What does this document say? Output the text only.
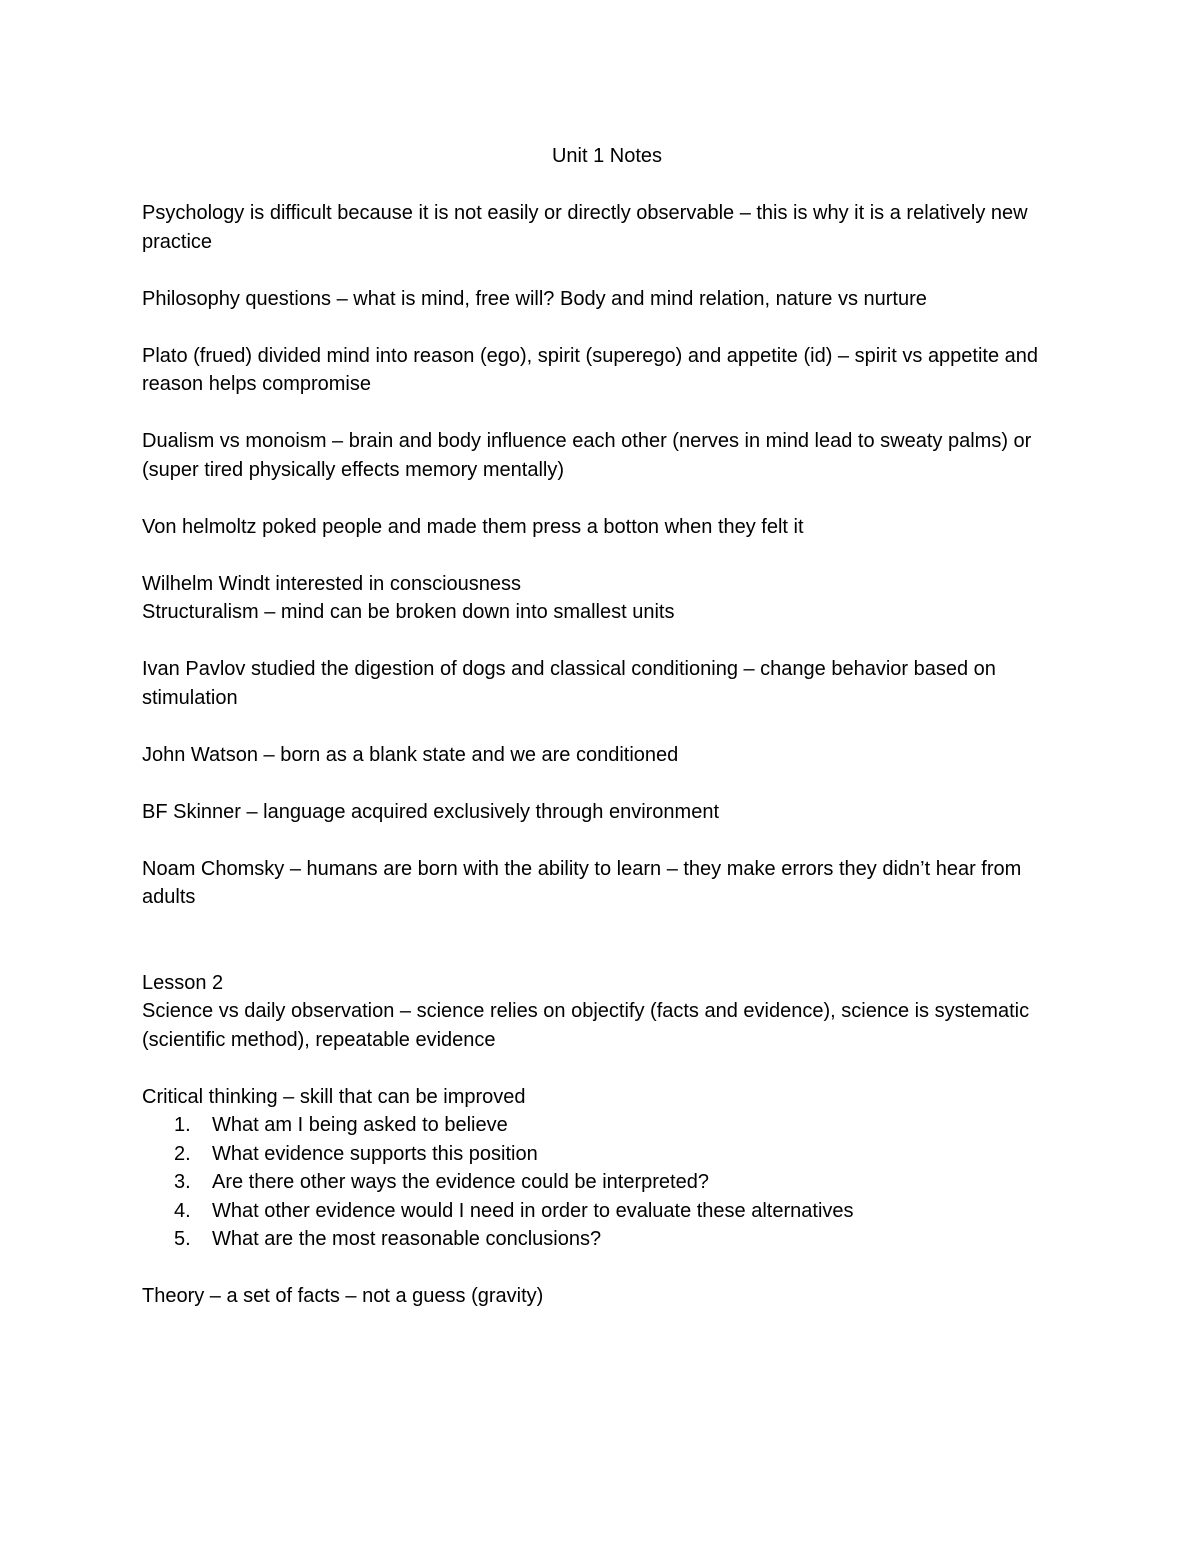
Unit 1 Notes

Psychology is difficult because it is not easily or directly observable – this is why it is a relatively new practice

Philosophy questions – what is mind, free will? Body and mind relation, nature vs nurture

Plato (frued) divided mind into reason (ego), spirit (superego) and appetite (id) – spirit vs appetite and reason helps compromise

Dualism vs monoism – brain and body influence each other (nerves in mind lead to sweaty palms) or (super tired physically effects memory mentally)

Von helmoltz poked people and made them press a botton when they felt it

Wilhelm Windt interested in consciousness
Structuralism – mind can be broken down into smallest units

Ivan Pavlov studied the digestion of dogs and classical conditioning – change behavior based on stimulation

John Watson – born as a blank state and we are conditioned

BF Skinner – language acquired exclusively through environment

Noam Chomsky – humans are born with the ability to learn – they make errors they didn’t hear from adults

Lesson 2
Science vs daily observation – science relies on objectify (facts and evidence), science is systematic (scientific method), repeatable evidence
Critical thinking – skill that can be improved
1. What am I being asked to believe
2. What evidence supports this position
3. Are there other ways the evidence could be interpreted?
4. What other evidence would I need in order to evaluate these alternatives
5. What are the most reasonable conclusions?

Theory – a set of facts – not a guess (gravity)
